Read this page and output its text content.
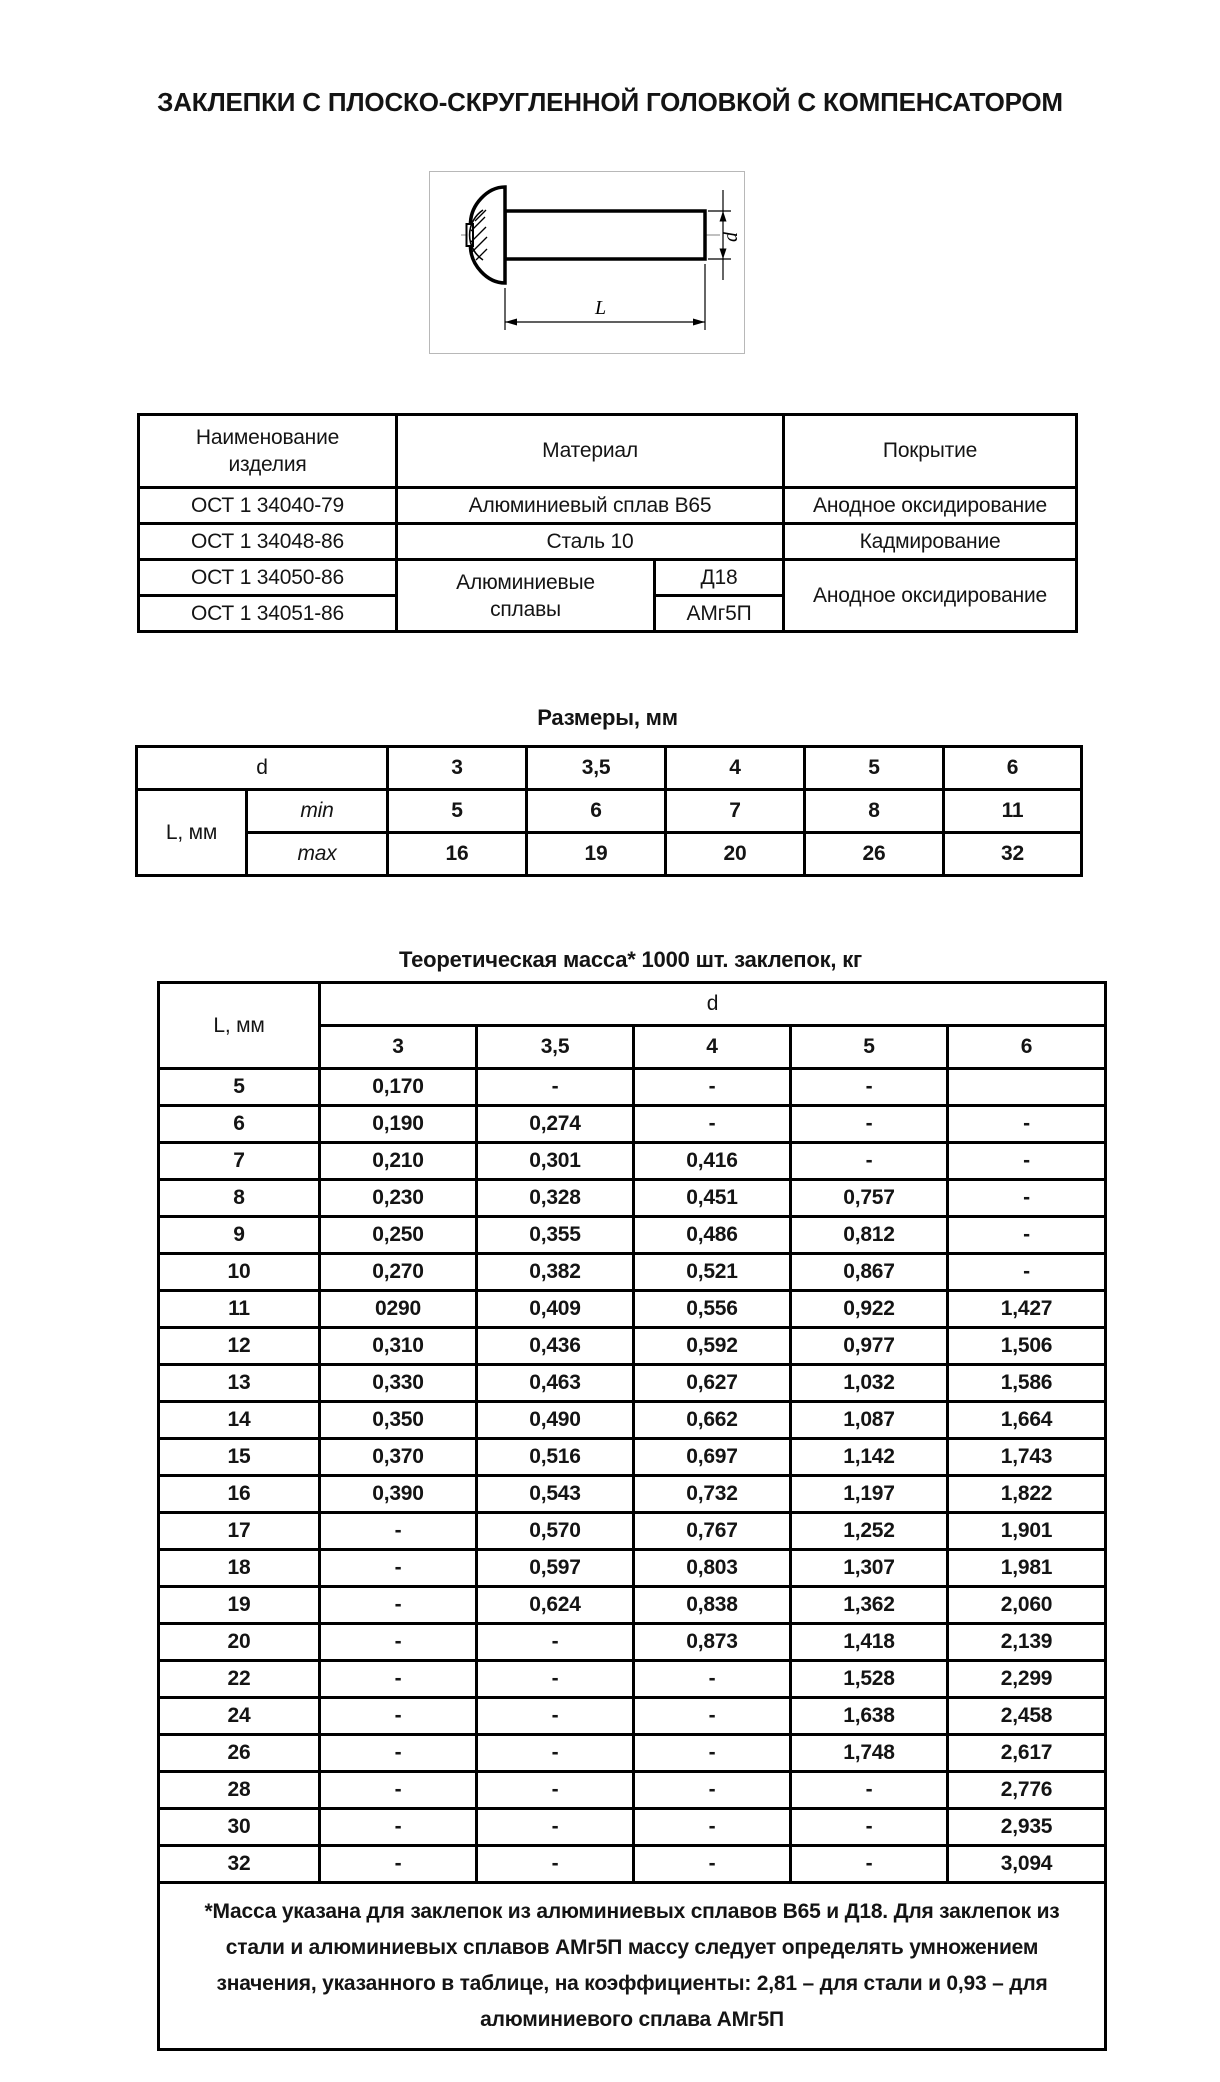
ЗАКЛЕПКИ С ПЛОСКО-СКРУГЛЕННОЙ ГОЛОВКОЙ С КОМПЕНСАТОРОМ
d
L
Наименование изделия	Материал		Покрытие
ОСТ 1 34040-79	Алюминиевый сплав В65		Анодное оксидирование
ОСТ 1 34048-86	Сталь 10		Кадмирование
ОСТ 1 34050-86	Алюминиевые сплавы	Д18	Анодное оксидирование
ОСТ 1 34051-86		АМг5П	
Размеры, мм
d		3	3,5	4	5	6
L, мм	min	5	6	7	8	11
	max	16	19	20	26	32
Теоретическая масса* 1000 шт. заклепок, кг
L, мм	d				
	3	3,5	4	5	6
5	0,170	-	-	-	
6	0,190	0,274	-	-	-
7	0,210	0,301	0,416	-	-
8	0,230	0,328	0,451	0,757	-
9	0,250	0,355	0,486	0,812	-
10	0,270	0,382	0,521	0,867	-
11	0290	0,409	0,556	0,922	1,427
12	0,310	0,436	0,592	0,977	1,506
13	0,330	0,463	0,627	1,032	1,586
14	0,350	0,490	0,662	1,087	1,664
15	0,370	0,516	0,697	1,142	1,743
16	0,390	0,543	0,732	1,197	1,822
17	-	0,570	0,767	1,252	1,901
18	-	0,597	0,803	1,307	1,981
19	-	0,624	0,838	1,362	2,060
20	-	-	0,873	1,418	2,139
22	-	-	-	1,528	2,299
24	-	-	-	1,638	2,458
26	-	-	-	1,748	2,617
28	-	-	-	-	2,776
30	-	-	-	-	2,935
32	-	-	-	-	3,094
*Масса указана для заклепок из алюминиевых сплавов В65 и Д18. Для заклепок из стали и алюминиевых сплавов АМг5П массу следует определять умножением значения, указанного в таблице, на коэффициенты: 2,81 – для стали и 0,93 – для алюминиевого сплава АМг5П					
